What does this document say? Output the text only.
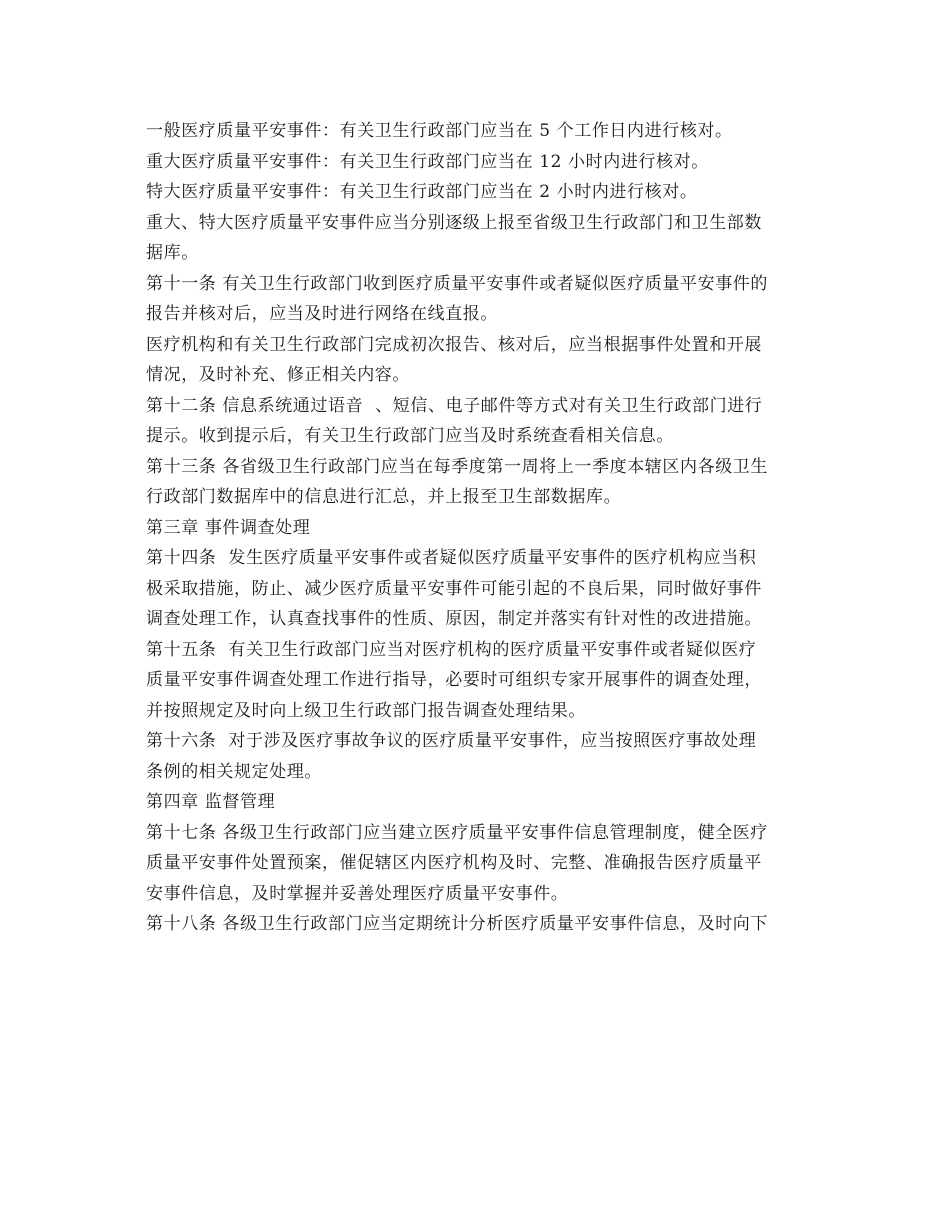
一般医疗质量平安事件：有关卫生行政部门应当在 5 个工作日内进行核对。
重大医疗质量平安事件：有关卫生行政部门应当在 12 小时内进行核对。
特大医疗质量平安事件：有关卫生行政部门应当在 2 小时内进行核对。
重大、特大医疗质量平安事件应当分别逐级上报至省级卫生行政部门和卫生部数
据库。
第十一条 有关卫生行政部门收到医疗质量平安事件或者疑似医疗质量平安事件的
报告并核对后，应当及时进行网络在线直报。
医疗机构和有关卫生行政部门完成初次报告、核对后，应当根据事件处置和开展
情况，及时补充、修正相关内容。
第十二条 信息系统通过语音  、短信、电子邮件等方式对有关卫生行政部门进行
提示。收到提示后，有关卫生行政部门应当及时系统查看相关信息。
第十三条 各省级卫生行政部门应当在每季度第一周将上一季度本辖区内各级卫生
行政部门数据库中的信息进行汇总，并上报至卫生部数据库。
第三章 事件调查处理
第十四条  发生医疗质量平安事件或者疑似医疗质量平安事件的医疗机构应当积
极采取措施，防止、减少医疗质量平安事件可能引起的不良后果，同时做好事件
调查处理工作，认真查找事件的性质、原因，制定并落实有针对性的改进措施。
第十五条  有关卫生行政部门应当对医疗机构的医疗质量平安事件或者疑似医疗
质量平安事件调查处理工作进行指导，必要时可组织专家开展事件的调查处理，
并按照规定及时向上级卫生行政部门报告调查处理结果。
第十六条  对于涉及医疗事故争议的医疗质量平安事件，应当按照医疗事故处理
条例的相关规定处理。
第四章 监督管理
第十七条 各级卫生行政部门应当建立医疗质量平安事件信息管理制度，健全医疗
质量平安事件处置预案，催促辖区内医疗机构及时、完整、准确报告医疗质量平
安事件信息，及时掌握并妥善处理医疗质量平安事件。
第十八条 各级卫生行政部门应当定期统计分析医疗质量平安事件信息，及时向下
